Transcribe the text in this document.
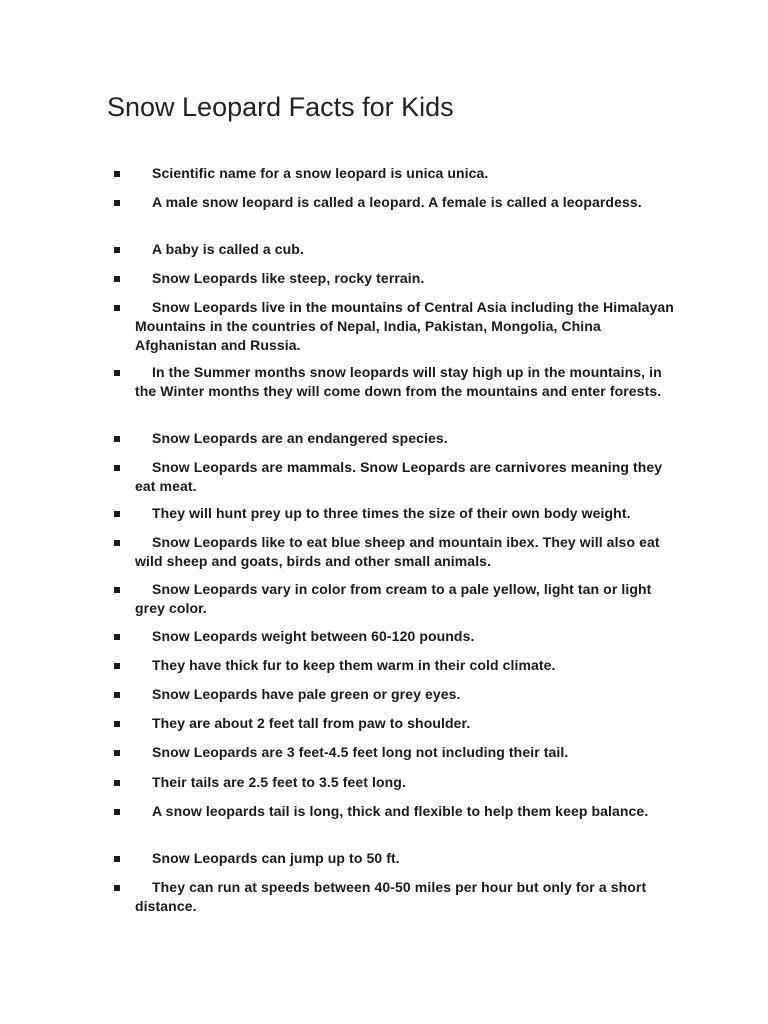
Snow Leopard Facts for Kids
Scientific name for a snow leopard is unica unica.
A male snow leopard is called a leopard. A female is called a leopardess.
A baby is called a cub.
Snow Leopards like steep, rocky terrain.
Snow Leopards live in the mountains of Central Asia including the Himalayan Mountains in the countries of Nepal, India, Pakistan, Mongolia, China Afghanistan and Russia.
In the Summer months snow leopards will stay high up in the mountains, in the Winter months they will come down from the mountains and enter forests.
Snow Leopards are an endangered species.
Snow Leopards are mammals. Snow Leopards are carnivores meaning they eat meat.
They will hunt prey up to three times the size of their own body weight.
Snow Leopards like to eat blue sheep and mountain ibex. They will also eat wild sheep and goats, birds and other small animals.
Snow Leopards vary in color from cream to a pale yellow, light tan or light grey color.
Snow Leopards weight between 60-120 pounds.
They have thick fur to keep them warm in their cold climate.
Snow Leopards have pale green or grey eyes.
They are about 2 feet tall from paw to shoulder.
Snow Leopards are 3 feet-4.5 feet long not including their tail.
Their tails are 2.5 feet to 3.5 feet long.
A snow leopards tail is long, thick and flexible to help them keep balance.
Snow Leopards can jump up to 50 ft.
They can run at speeds between 40-50 miles per hour but only for a short distance.
